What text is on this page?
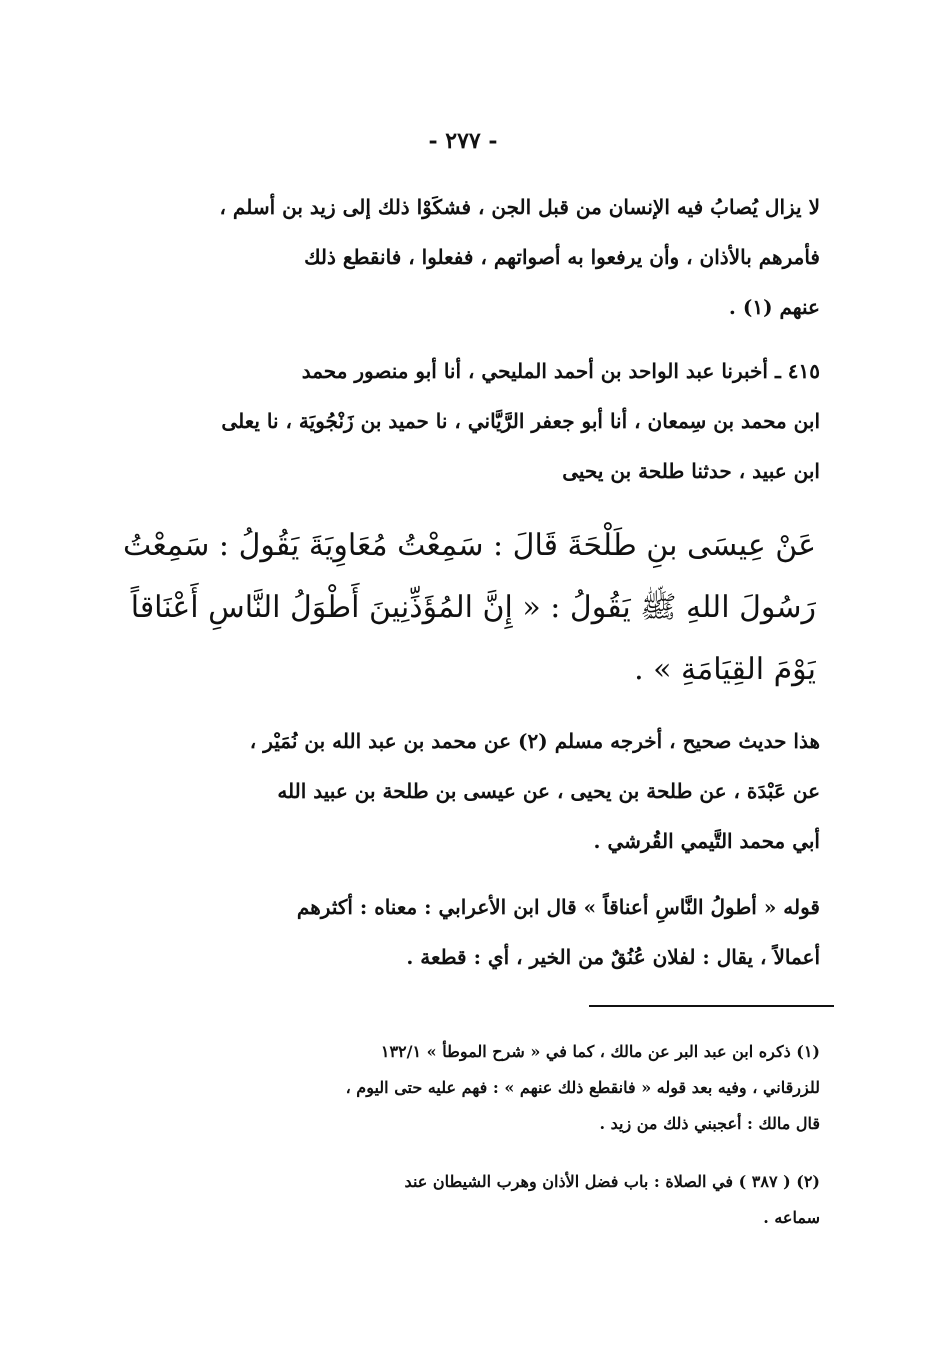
- ٢٧٧ -
لا يزال يُصابُ فيه الإنسان من قبل الجن ، فشكَوْا ذلك إلى زيد بن أسلم ،
فأمرهم بالأذان ، وأن يرفعوا به أصواتهم ، ففعلوا ، فانقطع ذلك
عنهم (١) .
٤١٥ ـ أخبرنا عبد الواحد بن أحمد المليحي ، أنا أبو منصور محمد
ابن محمد بن سِمعان ، أنا أبو جعفر الرَّيَّاني ، نا حميد بن زَنْجُويَة ، نا يعلى
ابن عبيد ، حدثنا طلحة بن يحيى
عَنْ عِيسَى بنِ طَلْحَةَ قَالَ : سَمِعْتُ مُعَاوِيَةَ يَقُولُ : سَمِعْتُ
رَسُولَ اللهِ ﷺ يَقُولُ : « إِنَّ المُؤَذِّنِينَ أَطْوَلُ النَّاسِ أَعْنَاقاً
يَوْمَ القِيَامَةِ » .
هذا حديث صحيح ، أخرجه مسلم (٢) عن محمد بن عبد الله بن نُمَيْر ،
عن عَبْدَة ، عن طلحة بن يحيى ، عن عيسى بن طلحة بن عبيد الله
أبي محمد التَّيمي القُرشي .
قوله « أطولُ النَّاسِ أعناقاً » قال ابن الأعرابي : معناه : أكثرهم
أعمالاً ، يقال : لفلان عُنُقٌ من الخير ، أي : قطعة .
(١) ذكره ابن عبد البر عن مالك ، كما في « شرح الموطأ » ١٣٢/١
للزرقاني ، وفيه بعد قوله « فانقطع ذلك عنهم » : فهم عليه حتى اليوم ،
قال مالك : أعجبني ذلك من زيد .
(٢) ( ٣٨٧ ) في الصلاة : باب فضل الأذان وهرب الشيطان عند
سماعه .
